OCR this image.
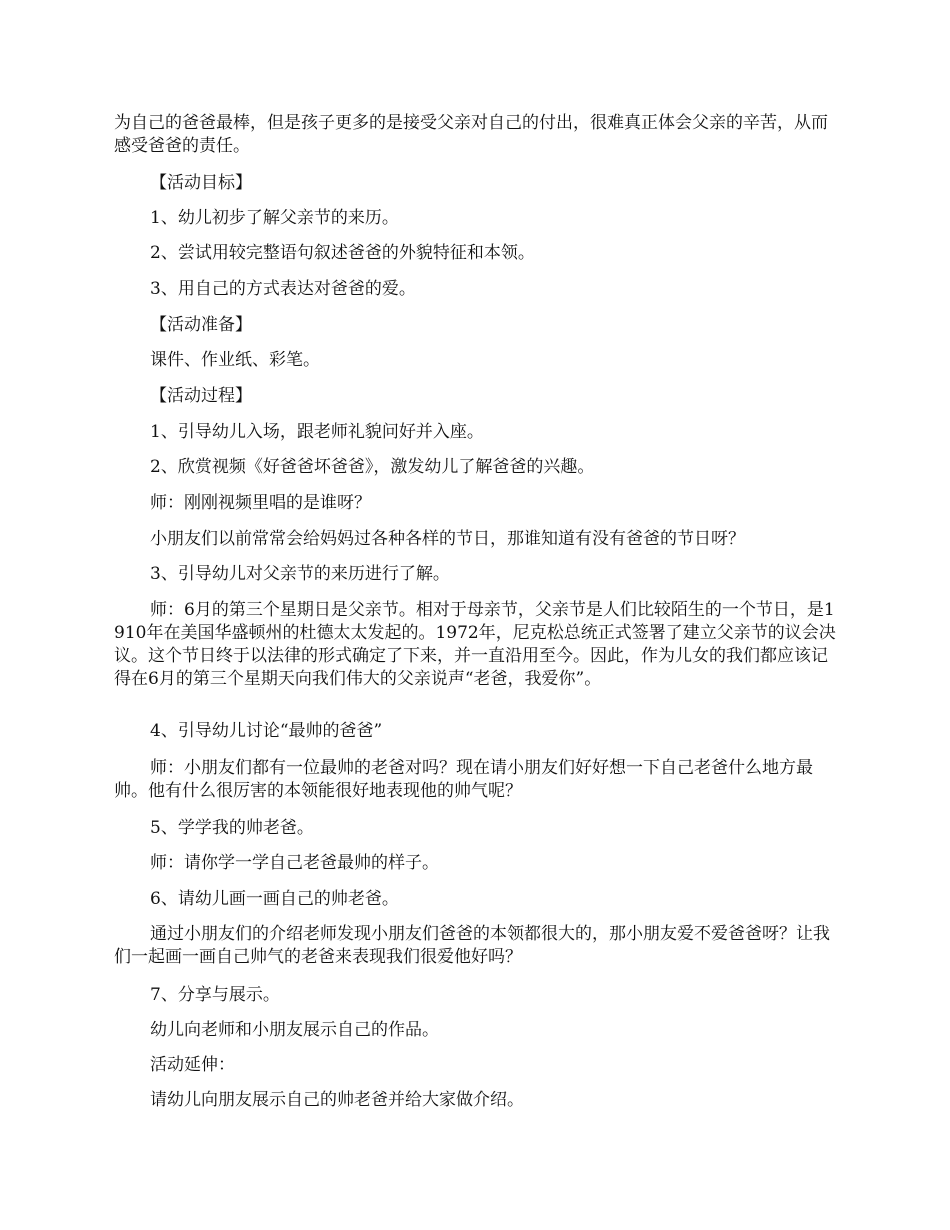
为自己的爸爸最棒，但是孩子更多的是接受父亲对自己的付出，很难真正体会父亲的辛苦，从而感受爸爸的责任。

【活动目标】

1、幼儿初步了解父亲节的来历。

2、尝试用较完整语句叙述爸爸的外貌特征和本领。

3、用自己的方式表达对爸爸的爱。

【活动准备】

课件、作业纸、彩笔。

【活动过程】

1、引导幼儿入场，跟老师礼貌问好并入座。

2、欣赏视频《好爸爸坏爸爸》，激发幼儿了解爸爸的兴趣。

师：刚刚视频里唱的是谁呀？

小朋友们以前常常会给妈妈过各种各样的节日，那谁知道有没有爸爸的节日呀？

3、引导幼儿对父亲节的来历进行了解。

师：6月的第三个星期日是父亲节。相对于母亲节，父亲节是人们比较陌生的一个节日，是1910年在美国华盛顿州的杜德太太发起的。1972年，尼克松总统正式签署了建立父亲节的议会决议。这个节日终于以法律的形式确定了下来，并一直沿用至今。因此，作为儿女的我们都应该记得在6月的第三个星期天向我们伟大的父亲说声“老爸，我爱你”。

4、引导幼儿讨论“最帅的爸爸”

师：小朋友们都有一位最帅的老爸对吗？现在请小朋友们好好想一下自己老爸什么地方最帅。他有什么很厉害的本领能很好地表现他的帅气呢？

5、学学我的帅老爸。

师：请你学一学自己老爸最帅的样子。

6、请幼儿画一画自己的帅老爸。

通过小朋友们的介绍老师发现小朋友们爸爸的本领都很大的，那小朋友爱不爱爸爸呀？让我们一起画一画自己帅气的老爸来表现我们很爱他好吗？

7、分享与展示。

幼儿向老师和小朋友展示自己的作品。

活动延伸：

请幼儿向朋友展示自己的帅老爸并给大家做介绍。
